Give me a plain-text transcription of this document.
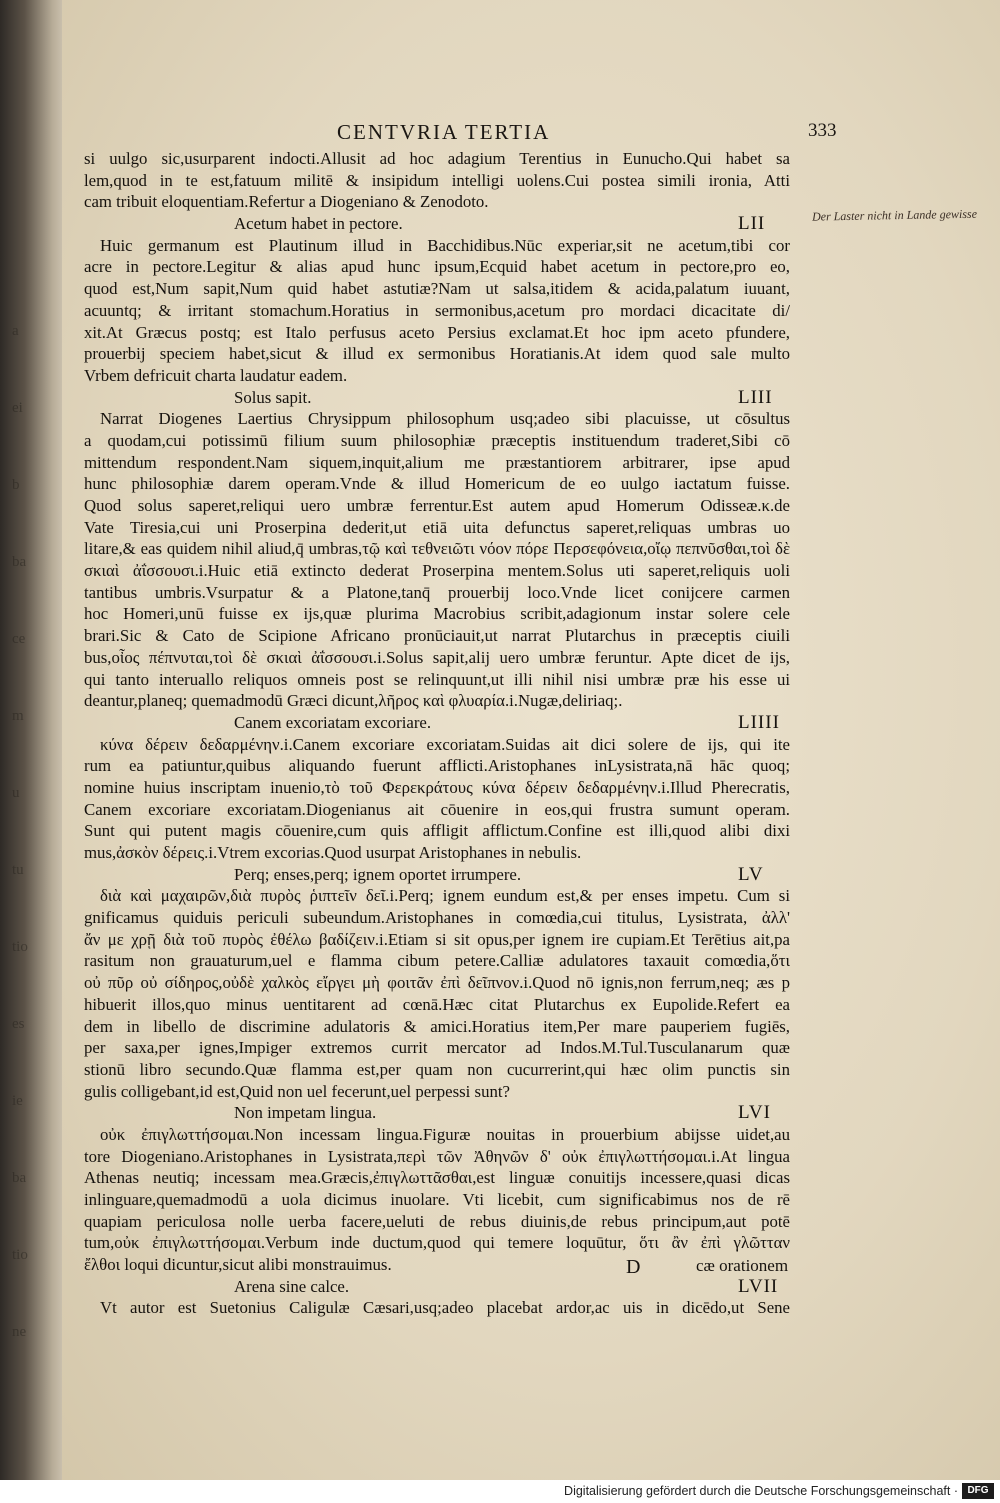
a
ei
b
ba
ce
m
u
tu
tio
es
ie
ba
tio
ne
CENTVRIA TERTIA	333
Der Laster nicht in Lande gewisse
si uulgo sic,usurparent indocti.Allusit ad hoc adagium Terentius in Eunucho.Qui habet sa
lem,quod in te est,fatuum militē & insipidum intelligi uolens.Cui postea simili ironia, Atti
cam tribuit eloquentiam.Refertur a Diogeniano & Zenodoto.
Acetum habet in pectore.	LII
Huic germanum est Plautinum illud in Bacchidibus.Nūc experiar,sit ne acetum,tibi cor
acre in pectore.Legitur & alias apud hunc ipsum,Ecquid habet acetum in pectore,pro eo,
quod est,Num sapit,Num quid habet astutiæ?Nam ut salsa,itidem & acida,palatum iuuant,
acuuntq; & irritant stomachum.Horatius in sermonibus,acetum pro mordaci dicacitate di/
xit.At Græcus postq; est Italo perfusus aceto Persius exclamat.Et hoc ipm aceto pfundere,
prouerbij speciem habet,sicut & illud ex sermonibus Horatianis.At idem quod sale multo
Vrbem defricuit charta laudatur eadem.
Solus sapit.	LIII
Narrat Diogenes Laertius Chrysippum philosophum usq;adeo sibi placuisse, ut cōsultus
a quodam,cui potissimū filium suum philosophiæ præceptis instituendum traderet,Sibi cō
mittendum respondent.Nam siquem,inquit,alium me præstantiorem arbitrarer, ipse apud
hunc philosophiæ darem operam.Vnde & illud Homericum de eo uulgo iactatum fuisse.
Quod solus saperet,reliqui uero umbræ ferrentur.Est autem apud Homerum Odisseæ.κ.de
Vate Tiresia,cui uni Proserpina dederit,ut etiā uita defunctus saperet,reliquas umbras uo
litare,& eas quidem nihil aliud,q̄ umbras,τῷ καὶ τεθνειῶτι νόον πόρε Περσεφόνεια,οἴῳ πεπνῦσθαι,τοὶ δὲ
σκιαὶ ἀΐσσουσι.i.Huic etiā extincto dederat Proserpina mentem.Solus uti saperet,reliquis uoli
tantibus umbris.Vsurpatur & a Platone,tanq̄ prouerbij loco.Vnde licet conijcere carmen
hoc Homeri,unū fuisse ex ijs,quæ plurima Macrobius scribit,adagionum instar solere cele
brari.Sic & Cato de Scipione Africano pronūciauit,ut narrat Plutarchus in præceptis ciuili
bus,οἶος πέπνυται,τοὶ δὲ σκιαὶ ἀΐσσουσι.i.Solus sapit,alij uero umbræ feruntur. Apte dicet de ijs,
qui tanto interuallo reliquos omneis post se relinquunt,ut illi nihil nisi umbræ præ his esse ui
deantur,planeq; quemadmodū Græci dicunt,λῆρος καὶ φλυαρία.i.Nugæ,deliriaq;.
Canem excoriatam excoriare.	LIIII
κύνα δέρειν δεδαρμένην.i.Canem excoriare excoriatam.Suidas ait dici solere de ijs, qui ite
rum ea patiuntur,quibus aliquando fuerunt afflicti.Aristophanes inLysistrata,nā hāc quoq;
nomine huius inscriptam inuenio,τὸ τοῦ Φερεκράτους κύνα δέρειν δεδαρμένην.i.Illud Pherecratis,
Canem excoriare excoriatam.Diogenianus ait cōuenire in eos,qui frustra sumunt operam.
Sunt qui putent magis cōuenire,cum quis affligit afflictum.Confine est illi,quod alibi dixi
mus,ἀσκὸν δέρεις.i.Vtrem excorias.Quod usurpat Aristophanes in nebulis.
Perq; enses,perq; ignem oportet irrumpere.	LV
διὰ καὶ μαχαιρῶν,διὰ πυρὸς ῥιπτεῖν δεῖ.i.Perq; ignem eundum est,& per enses impetu. Cum si
gnificamus quiduis periculi subeundum.Aristophanes in comœdia,cui titulus, Lysistrata, ἀλλ'
ἄν με χρῇ διὰ τοῦ πυρὸς ἐθέλω βαδίζειν.i.Etiam si sit opus,per ignem ire cupiam.Et Terētius ait,pa
rasitum non grauaturum,uel e flamma cibum petere.Calliæ adulatores taxauit comœdia,ὅτι
οὐ πῦρ οὐ σίδηρος,οὐδὲ χαλκὸς εἴργει μὴ φοιτᾶν ἐπὶ δεῖπνον.i.Quod nō ignis,non ferrum,neq; æs p
hibuerit illos,quo minus uentitarent ad cœnā.Hæc citat Plutarchus ex Eupolide.Refert ea
dem in libello de discrimine adulatoris & amici.Horatius item,Per mare pauperiem fugiēs,
per saxa,per ignes,Impiger extremos currit mercator ad Indos.M.Tul.Tusculanarum quæ
stionū libro secundo.Quæ flamma est,per quam non cucurrerint,qui hæc olim punctis sin
gulis colligebant,id est,Quid non uel fecerunt,uel perpessi sunt?
Non impetam lingua.	LVI
οὐκ ἐπιγλωττήσομαι.Non incessam lingua.Figuræ nouitas in prouerbium abijsse uidet,au
tore Diogeniano.Aristophanes in Lysistrata,περὶ τῶν Ἀθηνῶν δ' οὐκ ἐπιγλωττήσομαι.i.At lingua
Athenas neutiq; incessam mea.Græcis,ἐπιγλωττᾶσθαι,est linguæ conuitijs incessere,quasi dicas
inlinguare,quemadmodū a uola dicimus inuolare. Vti licebit, cum significabimus nos de rē
quapiam periculosa nolle uerba facere,ueluti de rebus diuinis,de rebus principum,aut potē
tum,οὐκ ἐπιγλωττήσομαι.Verbum inde ductum,quod qui temere loquūtur, ὅτι ἂν ἐπὶ γλῶτταν
ἔλθοι loqui dicuntur,sicut alibi monstrauimus.
Arena sine calce.	LVII
Vt autor est Suetonius Caligulæ Cæsari,usq;adeo placebat ardor,ac uis in dicēdo,ut Sene
D	cæ orationem
Digitalisierung gefördert durch die Deutsche Forschungsgemeinschaft · DFG
